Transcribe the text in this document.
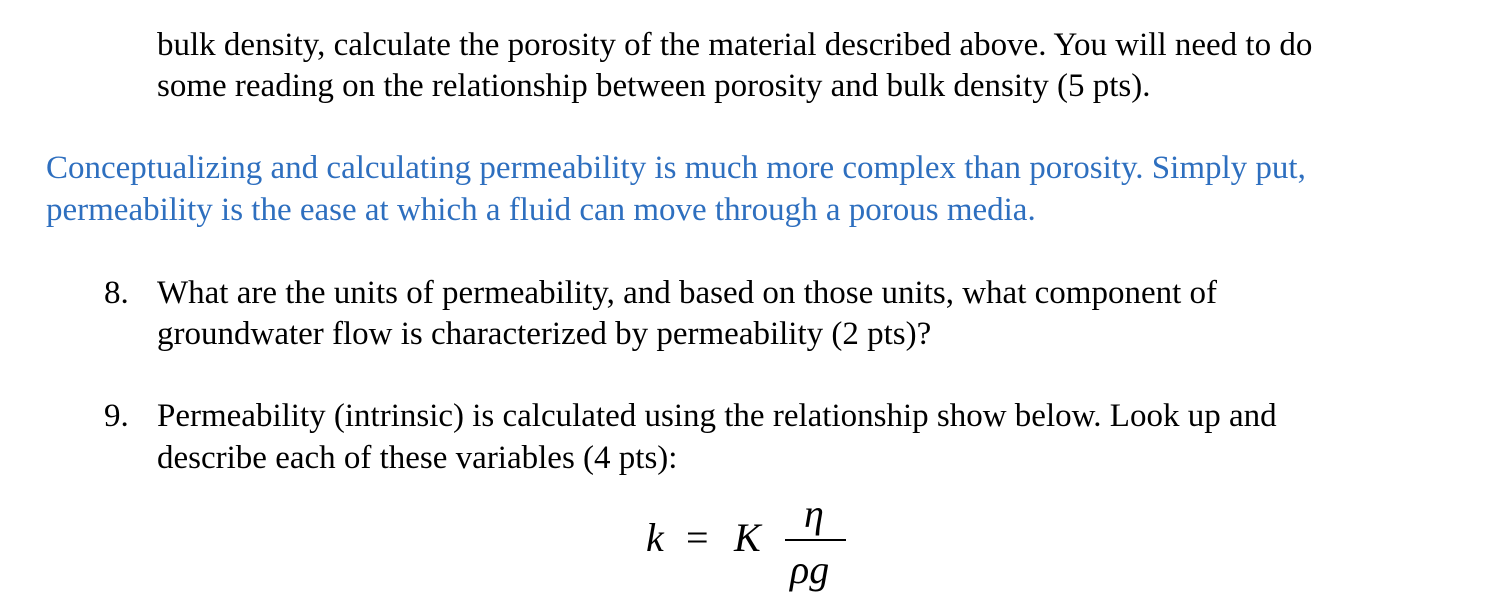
bulk density, calculate the porosity of the material described above. You will need to do
some reading on the relationship between porosity and bulk density (5 pts).
Conceptualizing and calculating permeability is much more complex than porosity. Simply put,
permeability is the ease at which a fluid can move through a porous media.
8. What are the units of permeability, and based on those units, what component of
groundwater flow is characterized by permeability (2 pts)?
9. Permeability (intrinsic) is calculated using the relationship show below. Look up and
describe each of these variables (4 pts):
k = K
η
ρg
